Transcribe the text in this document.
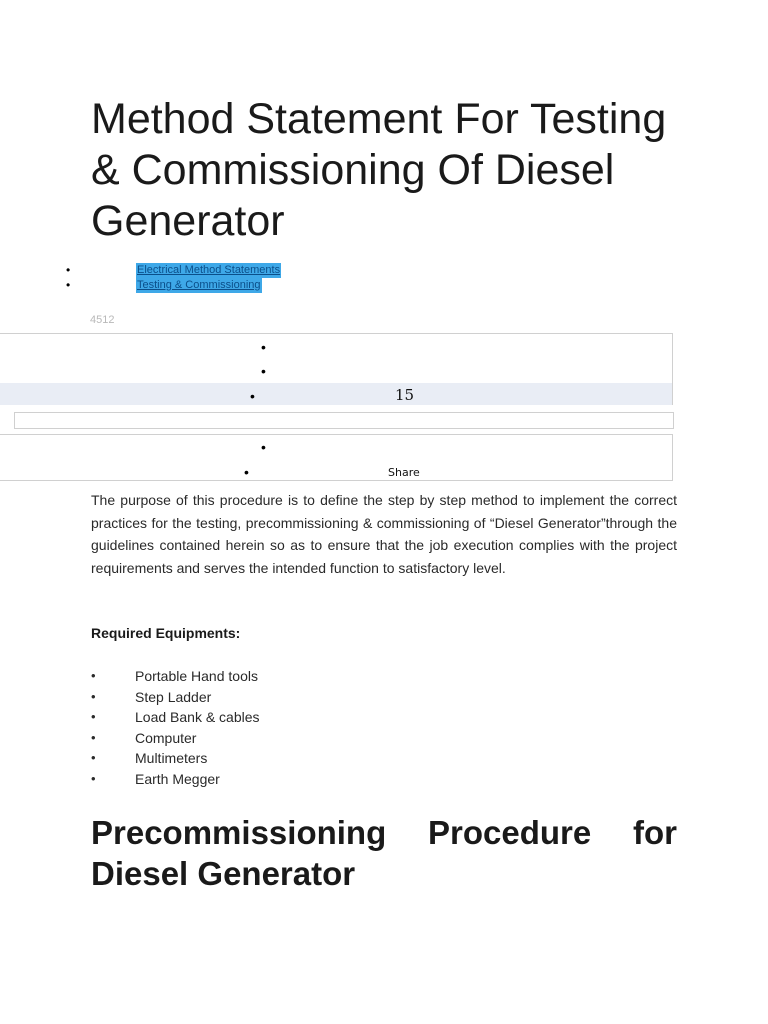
Method Statement For Testing & Commissioning Of Diesel Generator
•	Electrical Method Statements
•	Testing & Commissioning
4512
•
•
•	15
•
•	Share

The purpose of this procedure is to define the step by step method to implement the correct practices for the testing, precommissioning & commissioning of “Diesel Generator”through the guidelines contained herein so as to ensure that the job execution complies with the project requirements and serves the intended function to satisfactory level.

Required Equipments:

•	Portable Hand tools
•	Step Ladder
•	Load Bank & cables
•	Computer
•	Multimeters
•	Earth Megger
Precommissioning Procedure for Diesel Generator
